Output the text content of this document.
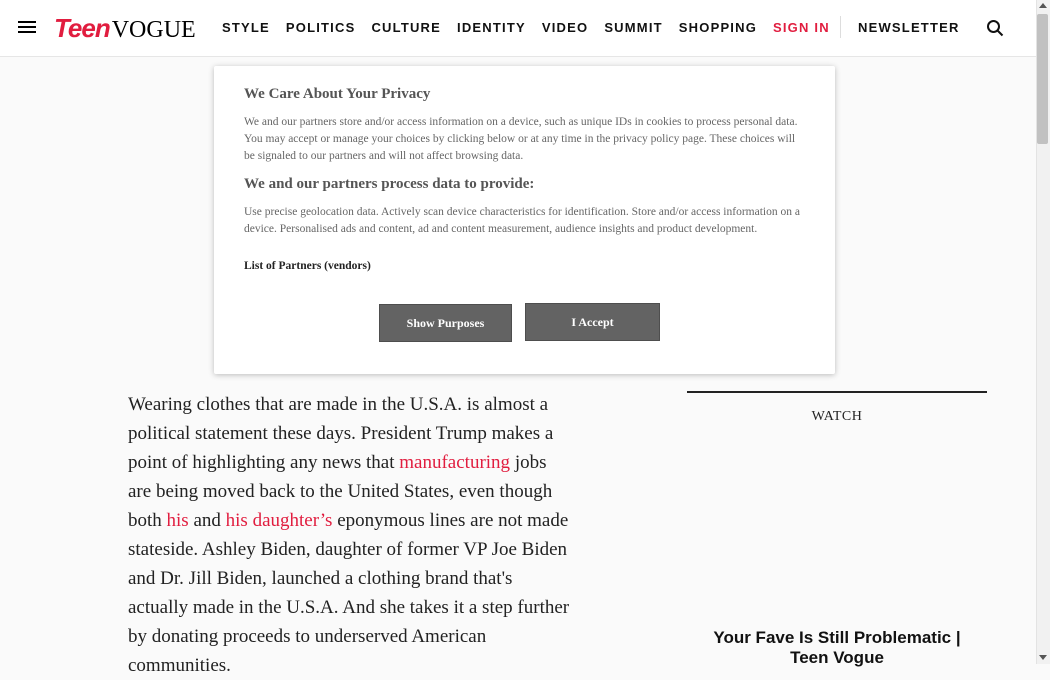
Teen VOGUE STYLE POLITICS CULTURE IDENTITY VIDEO SUMMIT SHOPPING SIGN IN NEWSLETTER
Wearing clothes that are made in the U.S.A. is almost a political statement these days. President Trump makes a point of highlighting any news that manufacturing jobs are being moved back to the United States, even though both his and his daughter’s eponymous lines are not made stateside. Ashley Biden, daughter of former VP Joe Biden and Dr. Jill Biden, launched a clothing brand that's actually made in the U.S.A. And she takes it a step further by donating proceeds to underserved American communities.
WATCH
Your Fave Is Still Problematic | Teen Vogue
We Care About Your Privacy
We and our partners store and/or access information on a device, such as unique IDs in cookies to process personal data. You may accept or manage your choices by clicking below or at any time in the privacy policy page. These choices will be signaled to our partners and will not affect browsing data.
We and our partners process data to provide:
Use precise geolocation data. Actively scan device characteristics for identification. Store and/or access information on a device. Personalised ads and content, ad and content measurement, audience insights and product development.
List of Partners (vendors)
Show Purposes	I Accept
